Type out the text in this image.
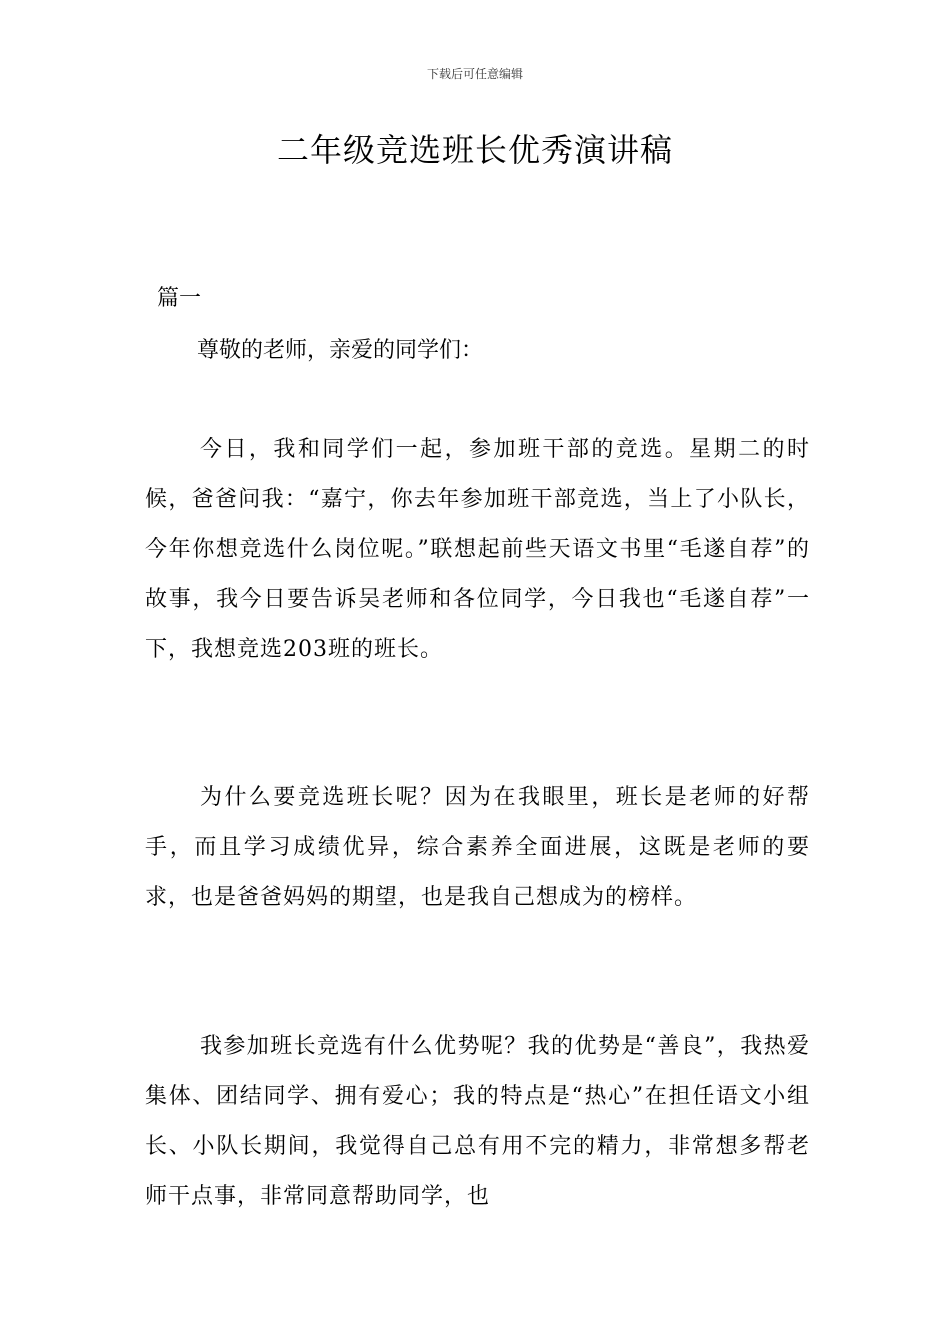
下载后可任意编辑
二年级竞选班长优秀演讲稿
篇一
尊敬的老师，亲爱的同学们：

今日，我和同学们一起，参加班干部的竞选。星期二的时候，爸爸问我：“嘉宁，你去年参加班干部竞选，当上了小队长，今年你想竞选什么岗位呢。”联想起前些天语文书里“毛遂自荐”的故事，我今日要告诉吴老师和各位同学，今日我也“毛遂自荐”一下，我想竞选203班的班长。

为什么要竞选班长呢？因为在我眼里，班长是老师的好帮手，而且学习成绩优异，综合素养全面进展，这既是老师的要求，也是爸爸妈妈的期望，也是我自己想成为的榜样。

我参加班长竞选有什么优势呢？我的优势是“善良”，我热爱集体、团结同学、拥有爱心；我的特点是“热心”在担任语文小组长、小队长期间，我觉得自己总有用不完的精力，非常想多帮老师干点事，非常同意帮助同学，也
